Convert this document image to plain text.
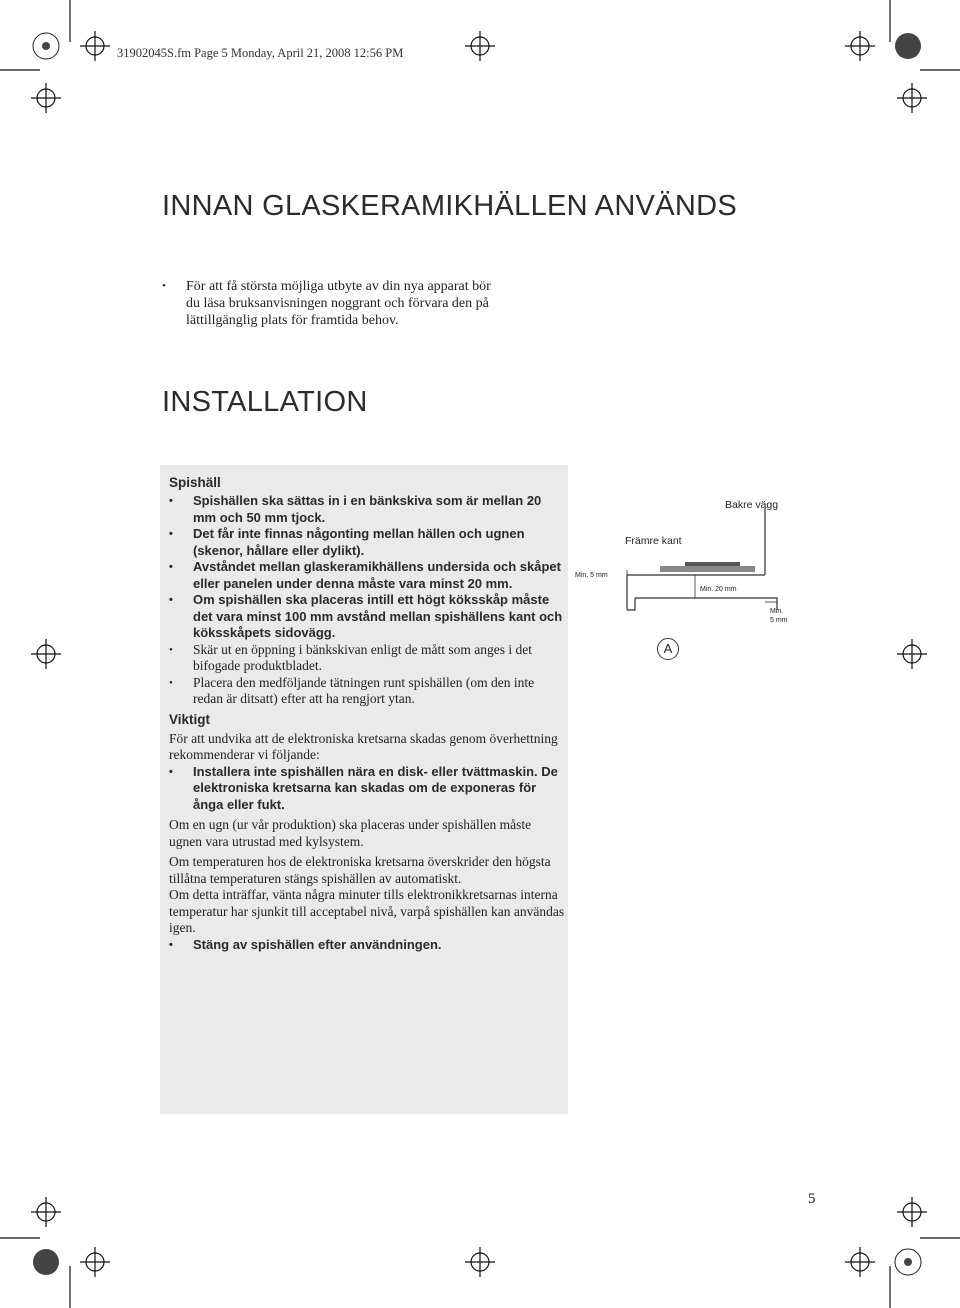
31902045S.fm Page 5 Monday, April 21, 2008 12:56 PM
INNAN GLASKERAMIKHÄLLEN ANVÄNDS
• För att få största möjliga utbyte av din nya apparat bör du läsa bruksanvisningen noggrant och förvara den på lättillgänglig plats för framtida behov.
INSTALLATION
Spishäll
• Spishällen ska sättas in i en bänkskiva som är mellan 20 mm och 50 mm tjock.
• Det får inte finnas någonting mellan hällen och ugnen (skenor, hållare eller dylikt).
• Avståndet mellan glaskeramikhällens undersida och skåpet eller panelen under denna måste vara minst 20 mm.
• Om spishällen ska placeras intill ett högt köksskåp måste det vara minst 100 mm avstånd mellan spishällens kant och köksskåpets sidovägg.
• Skär ut en öppning i bänkskivan enligt de mått som anges i det bifogade produktbladet.
• Placera den medföljande tätningen runt spishällen (om den inte redan är ditsatt) efter att ha rengjort ytan.
Viktigt

För att undvika att de elektroniska kretsarna skadas genom överhettning rekommenderar vi följande:

• Installera inte spishällen nära en disk- eller tvättmaskin. De elektroniska kretsarna kan skadas om de exponeras för ånga eller fukt.

Om en ugn (ur vår produktion) ska placeras under spishällen måste ugnen vara utrustad med kylsystem.

Om temperaturen hos de elektroniska kretsarna överskrider den högsta tillåtna temperaturen stängs spishällen av automatiskt.

Om detta inträffar, vänta några minuter tills elektronikkretsarnas interna temperatur har sjunkit till acceptabel nivå, varpå spishällen kan användas igen.

• Stäng av spishällen efter användningen.
Främre kant
Bakre vägg
Min. 5 mm
Min. 20 mm
Min.
5 mm
A
5
